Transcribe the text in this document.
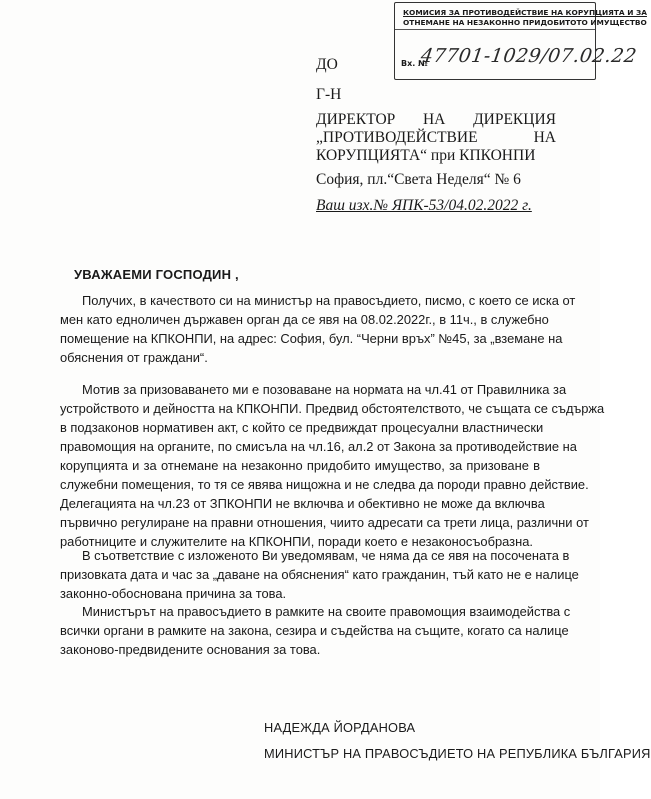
КОМИСИЯ ЗА ПРОТИВОДЕЙСТВИЕ НА КОРУПЦИЯТА И ЗА
ОТНЕМАНЕ НА НЕЗАКОННО ПРИДОБИТОТО ИМУЩЕСТВО
Вх. №
47701-1029/07.02.22
ДО
Г-Н
ДИРЕКТОР НА ДИРЕКЦИЯ
„ПРОТИВОДЕЙСТВИЕ	НА
КОРУПЦИЯТА“ при КПКОНПИ
София, пл.“Света Неделя“ № 6
Ваш изх.№ ЯПК-53/04.02.2022 г.
УВАЖАЕМИ ГОСПОДИН ,
Получих, в качеството си на министър на правосъдието, писмо, с което се иска от
мен като едноличен държавен орган да се явя на 08.02.2022г., в 11ч., в служебно
помещение на КПКОНПИ, на адрес: София, бул. “Черни връх” №45, за „вземане на
обяснения от граждани“.
Мотив за призоваването ми е позоваване на нормата на чл.41 от Правилника за
устройството и дейността на КПКОНПИ. Предвид обстоятелството, че същата се съдържа
в подзаконов нормативен акт, с който се предвиждат процесуални властнически
правомощия на органите, по смисъла на чл.16, ал.2 от Закона за противодействие на
корупцията и за отнемане на незаконно придобито имущество, за призоване в
служебни помещения, то тя се явява нищожна и не следва да породи правно действие.
Делегацията на чл.23 от ЗПКОНПИ не включва и обективно не може да включва
първично регулиране на правни отношения, чиито адресати са трети лица, различни от
работниците и служителите на КПКОНПИ, поради което е незаконосъобразна.
В съответствие с изложеното Ви уведомявам, че няма да се явя на посочената в
призовката дата и час за „даване на обяснения“ като гражданин, тъй като не е налице
законно-обоснована причина за това.
Министърът на правосъдието в рамките на своите правомощия взаимодейства с
всички органи в рамките на закона, сезира и съдейства на същите, когато са налице
законово-предвидените основания за това.
НАДЕЖДА ЙОРДАНОВА
МИНИСТЪР НА ПРАВОСЪДИЕТО НА РЕПУБЛИКА БЪЛГАРИЯ
